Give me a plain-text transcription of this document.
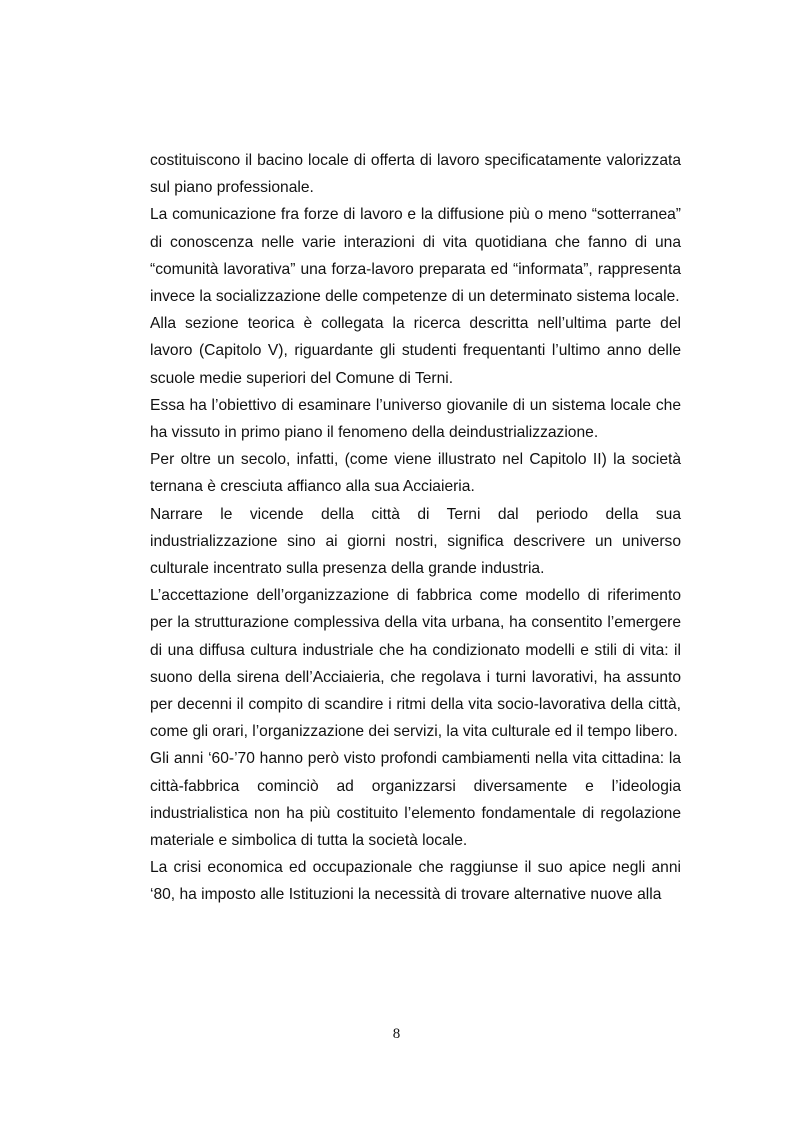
costituiscono il bacino locale di offerta di lavoro specificatamente valorizzata sul piano professionale.

La comunicazione fra forze di lavoro e la diffusione più o meno “sotterranea” di conoscenza nelle varie interazioni di vita quotidiana che fanno di una “comunità lavorativa” una forza-lavoro preparata ed “informata”, rappresenta invece la socializzazione delle competenze di un determinato sistema locale.

Alla sezione teorica è collegata la ricerca descritta nell’ultima parte del lavoro (Capitolo V), riguardante gli studenti frequentanti l’ultimo anno delle scuole medie superiori del Comune di Terni.

Essa ha l’obiettivo di esaminare l’universo giovanile di un sistema locale che ha vissuto in primo piano il fenomeno della deindustrializzazione.

Per oltre un secolo, infatti, (come viene illustrato nel Capitolo II) la società ternana è cresciuta affianco alla sua Acciaieria.

Narrare le vicende della città di Terni dal periodo della sua industrializzazione sino ai giorni nostri, significa descrivere un universo culturale incentrato sulla presenza della grande industria.

L’accettazione dell’organizzazione di fabbrica come modello di riferimento per la strutturazione complessiva della vita urbana, ha consentito l’emergere di una diffusa cultura industriale che ha condizionato modelli e stili di vita: il suono della sirena dell’Acciaieria, che regolava i turni lavorativi, ha assunto per decenni il compito di scandire i ritmi della vita socio-lavorativa della città, come gli orari, l’organizzazione dei servizi, la vita culturale ed il tempo libero.

Gli anni ‘60-’70 hanno però visto profondi cambiamenti nella vita cittadina: la città-fabbrica cominciò ad organizzarsi diversamente e l’ideologia industrialistica non ha più costituito l’elemento fondamentale di regolazione materiale e simbolica di tutta la società locale.

La crisi economica ed occupazionale che raggiunse il suo apice negli anni ‘80, ha imposto alle Istituzioni la necessità di trovare alternative nuove alla

8
